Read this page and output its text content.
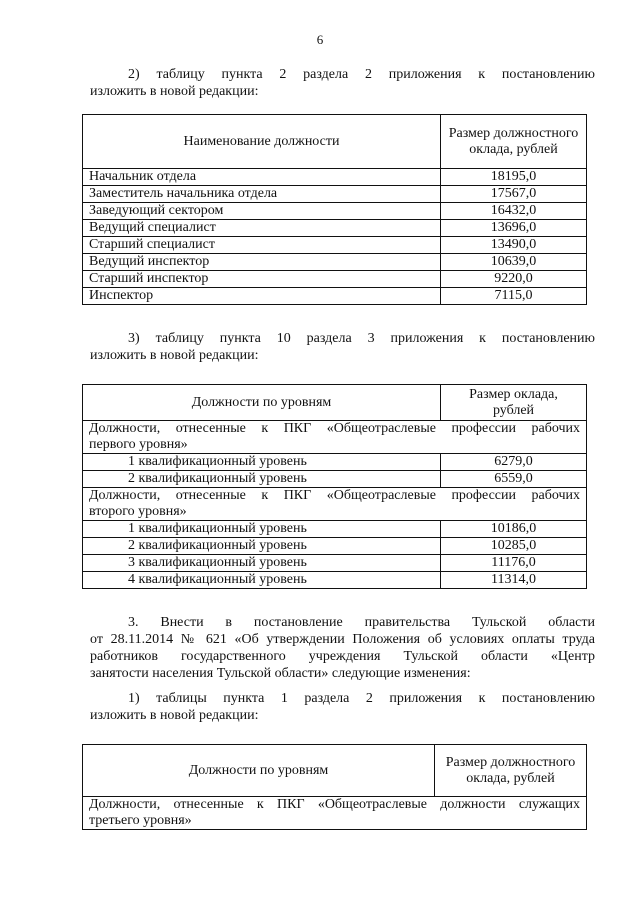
6
2) таблицу пункта 2 раздела 2 приложения к постановлению
изложить в новой редакции:
Наименование должности	Размер должностного оклада, рублей
Начальник отдела	18195,0
Заместитель начальника отдела	17567,0
Заведующий сектором	16432,0
Ведущий специалист	13696,0
Старший специалист	13490,0
Ведущий инспектор	10639,0
Старший инспектор	9220,0
Инспектор	7115,0
3) таблицу пункта 10 раздела 3 приложения к постановлению
изложить в новой редакции:
Должности по уровням	Размер оклада, рублей

Должности, отнесенные к ПКГ «Общеотраслевые профессии рабочих
первого уровня»	

1 квалификационный уровень	6279,0
2 квалификационный уровень	6559,0

Должности, отнесенные к ПКГ «Общеотраслевые профессии рабочих
второго уровня»	

1 квалификационный уровень	10186,0
2 квалификационный уровень	10285,0
3 квалификационный уровень	11176,0
4 квалификационный уровень	11314,0
3. Внести в постановление правительства Тульской области
от 28.11.2014 № 621 «Об утверждении Положения об условиях оплаты труда
работников государственного учреждения Тульской области «Центр
занятости населения Тульской области» следующие изменения:
1) таблицы пункта 1 раздела 2 приложения к постановлению
изложить в новой редакции:
Должности по уровням	Размер должностного оклада, рублей

Должности, отнесенные к ПКГ «Общеотраслевые должности служащих
третьего уровня»
